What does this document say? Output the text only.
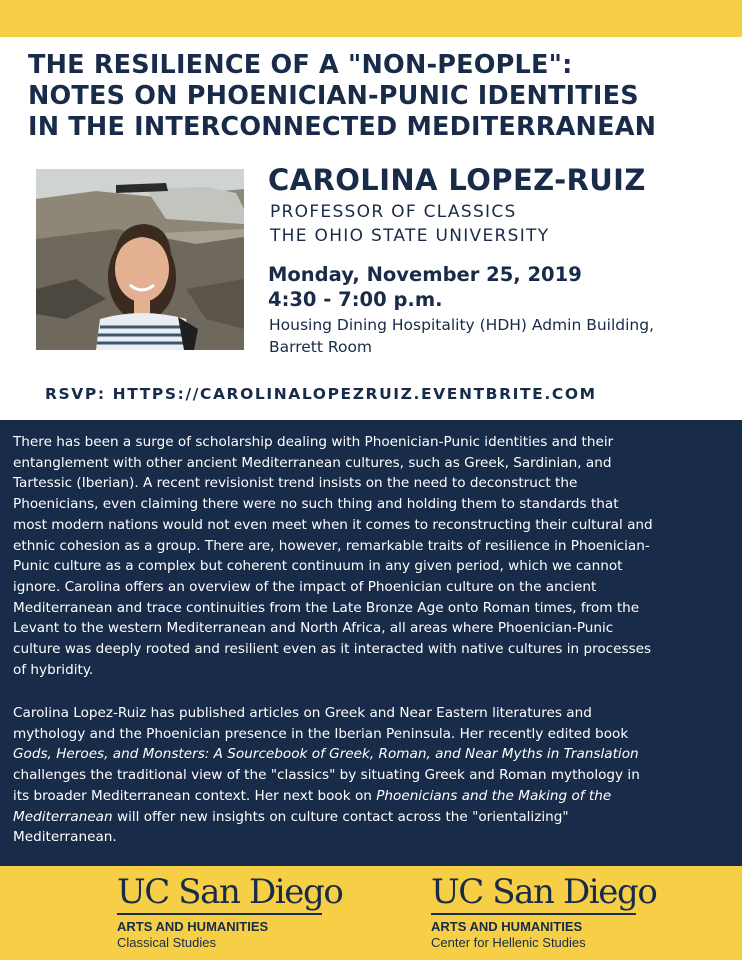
THE RESILIENCE OF A "NON-PEOPLE":
NOTES ON PHOENICIAN-PUNIC IDENTITIES
IN THE INTERCONNECTED MEDITERRANEAN
CAROLINA LOPEZ-RUIZ
PROFESSOR OF CLASSICS
THE OHIO STATE UNIVERSITY
Monday, November 25, 2019
4:30 - 7:00 p.m.
Housing Dining Hospitality (HDH) Admin Building,
Barrett Room
RSVP: HTTPS://CAROLINALOPEZRUIZ.EVENTBRITE.COM

There has been a surge of scholarship dealing with Phoenician-Punic identities and their
entanglement with other ancient Mediterranean cultures, such as Greek, Sardinian, and
Tartessic (Iberian). A recent revisionist trend insists on the need to deconstruct the
Phoenicians, even claiming there were no such thing and holding them to standards that
most modern nations would not even meet when it comes to reconstructing their cultural and
ethnic cohesion as a group. There are, however, remarkable traits of resilience in Phoenician-
Punic culture as a complex but coherent continuum in any given period, which we cannot
ignore. Carolina offers an overview of the impact of Phoenician culture on the ancient
Mediterranean and trace continuities from the Late Bronze Age onto Roman times, from the
Levant to the western Mediterranean and North Africa, all areas where Phoenician-Punic
culture was deeply rooted and resilient even as it interacted with native cultures in processes
of hybridity.

Carolina Lopez-Ruiz has published articles on Greek and Near Eastern literatures and
mythology and the Phoenician presence in the Iberian Peninsula. Her recently edited book
Gods, Heroes, and Monsters: A Sourcebook of Greek, Roman, and Near Myths in Translation
challenges the traditional view of the "classics" by situating Greek and Roman mythology in
its broader Mediterranean context. Her next book on Phoenicians and the Making of the
Mediterranean will offer new insights on culture contact across the "orientalizing"
Mediterranean.

UC San Diego
ARTS AND HUMANITIES
Classical Studies
UC San Diego
ARTS AND HUMANITIES
Center for Hellenic Studies
